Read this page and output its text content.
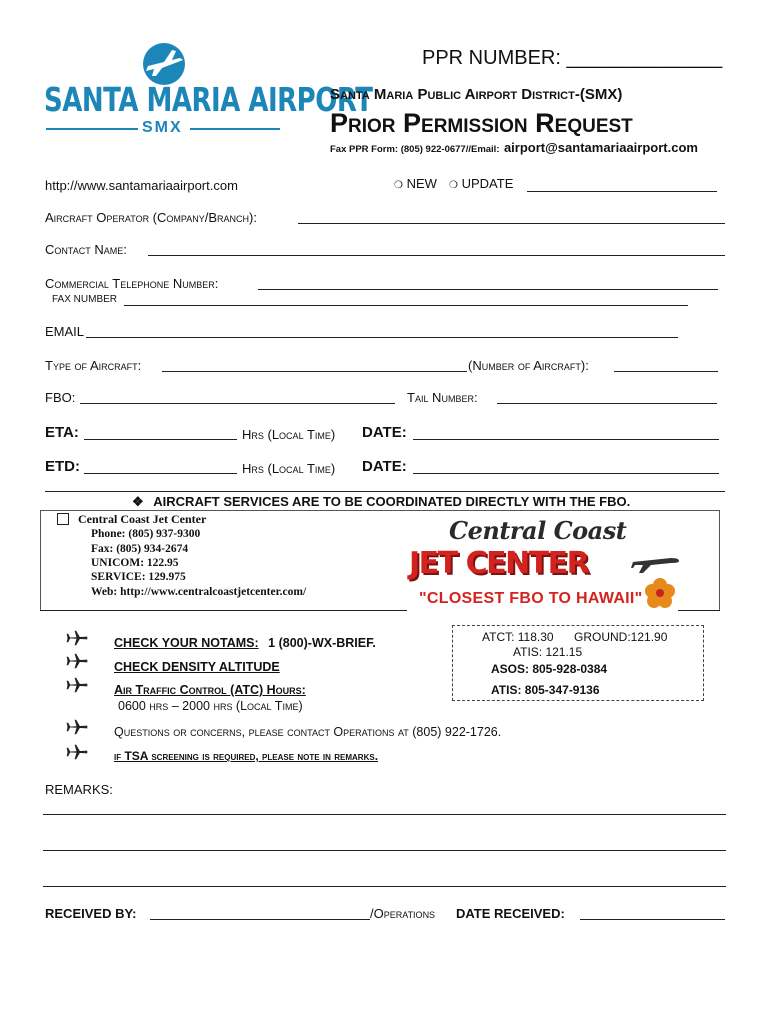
SANTA MARIA AIRPORT
SMX
PPR NUMBER: ______________
Santa Maria Public Airport District-(SMX)
Prior Permission Request
Fax PPR Form: (805) 922-0677//Email: airport@santamariaairport.com
http://www.santamariaairport.com	❍ NEW ❍ UPDATE
Aircraft Operator (Company/Branch):
Contact Name:
Commercial Telephone Number:
FAX NUMBER
EMAIL
Type of Aircraft:	(Number of Aircraft):
FBO:	Tail Number:
ETA:	Hrs (Local Time) DATE:
ETD:	Hrs (Local Time) DATE:
❖ AIRCRAFT SERVICES ARE TO BE COORDINATED DIRECTLY WITH THE FBO.
Central Coast Jet Center
Phone: (805) 937-9300
Fax: (805) 934-2674
UNICOM: 122.95
SERVICE: 129.975
Web: http://www.centralcoastjetcenter.com/
Central Coast
JET CENTER
"CLOSEST FBO TO HAWAII"
CHECK YOUR NOTAMS: 1 (800)-WX-BRIEF.
CHECK DENSITY ALTITUDE
Air Traffic Control (ATC) Hours:
0600 hrs – 2000 hrs (Local Time)
Questions or concerns, please contact Operations at (805) 922-1726.
if TSA screening is required, please note in remarks.
ATCT: 118.30 GROUND:121.90
ATIS: 121.15
ASOS: 805-928-0384
ATIS: 805-347-9136
REMARKS:
RECEIVED BY:	/Operations DATE RECEIVED:
